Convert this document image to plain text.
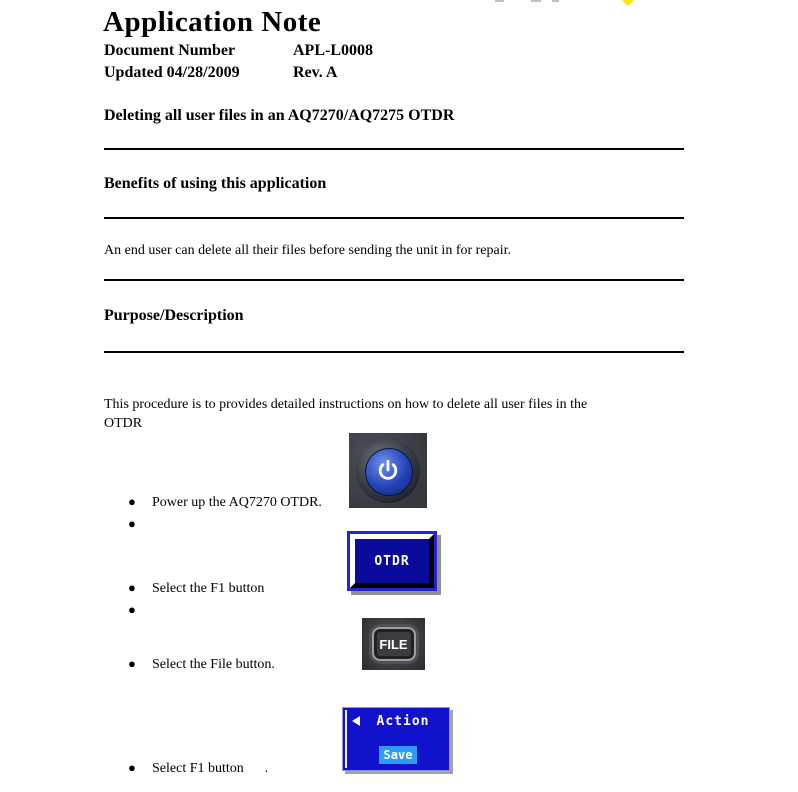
Application Note
Document Number	APL-L0008
Updated 04/28/2009	Rev. A
Deleting all user files in an AQ7270/AQ7275 OTDR
Benefits of using this application
An end user can delete all their files before sending the unit in for repair.
Purpose/Description
This procedure is to provides detailed instructions on how to delete all user files in the OTDR
● Power up the AQ7270 OTDR.
●
● Select the F1 button
●
● Select the File button.
● Select F1 button      .
OTDR
FILE
Action
Save
